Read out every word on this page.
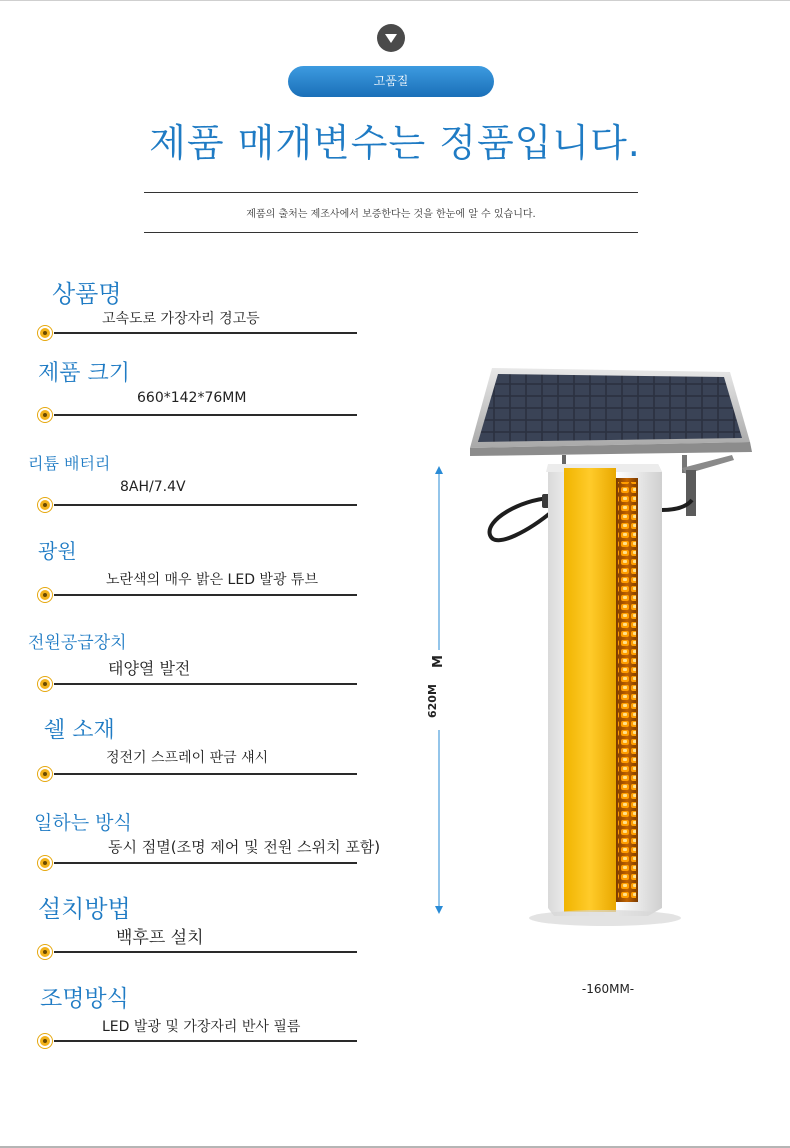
고품질
제품 매개변수는 정품입니다.
제품의 출처는 제조사에서 보증한다는 것을 한눈에 알 수 있습니다.
상품명
고속도로 가장자리 경고등
제품 크기
660*142*76MM
리튬 배터리
8AH/7.4V
광원
노란색의 매우 밝은 LED 발광 튜브
전원공급장치
태양열 발전
쉘 소재
정전기 스프레이 판금 섀시
일하는 방식
동시 점멸(조명 제어 및 전원 스위치 포함)
설치방법
백후프 설치
조명방식
LED 발광 및 가장자리 반사 필름
620M
M
-160MM-
